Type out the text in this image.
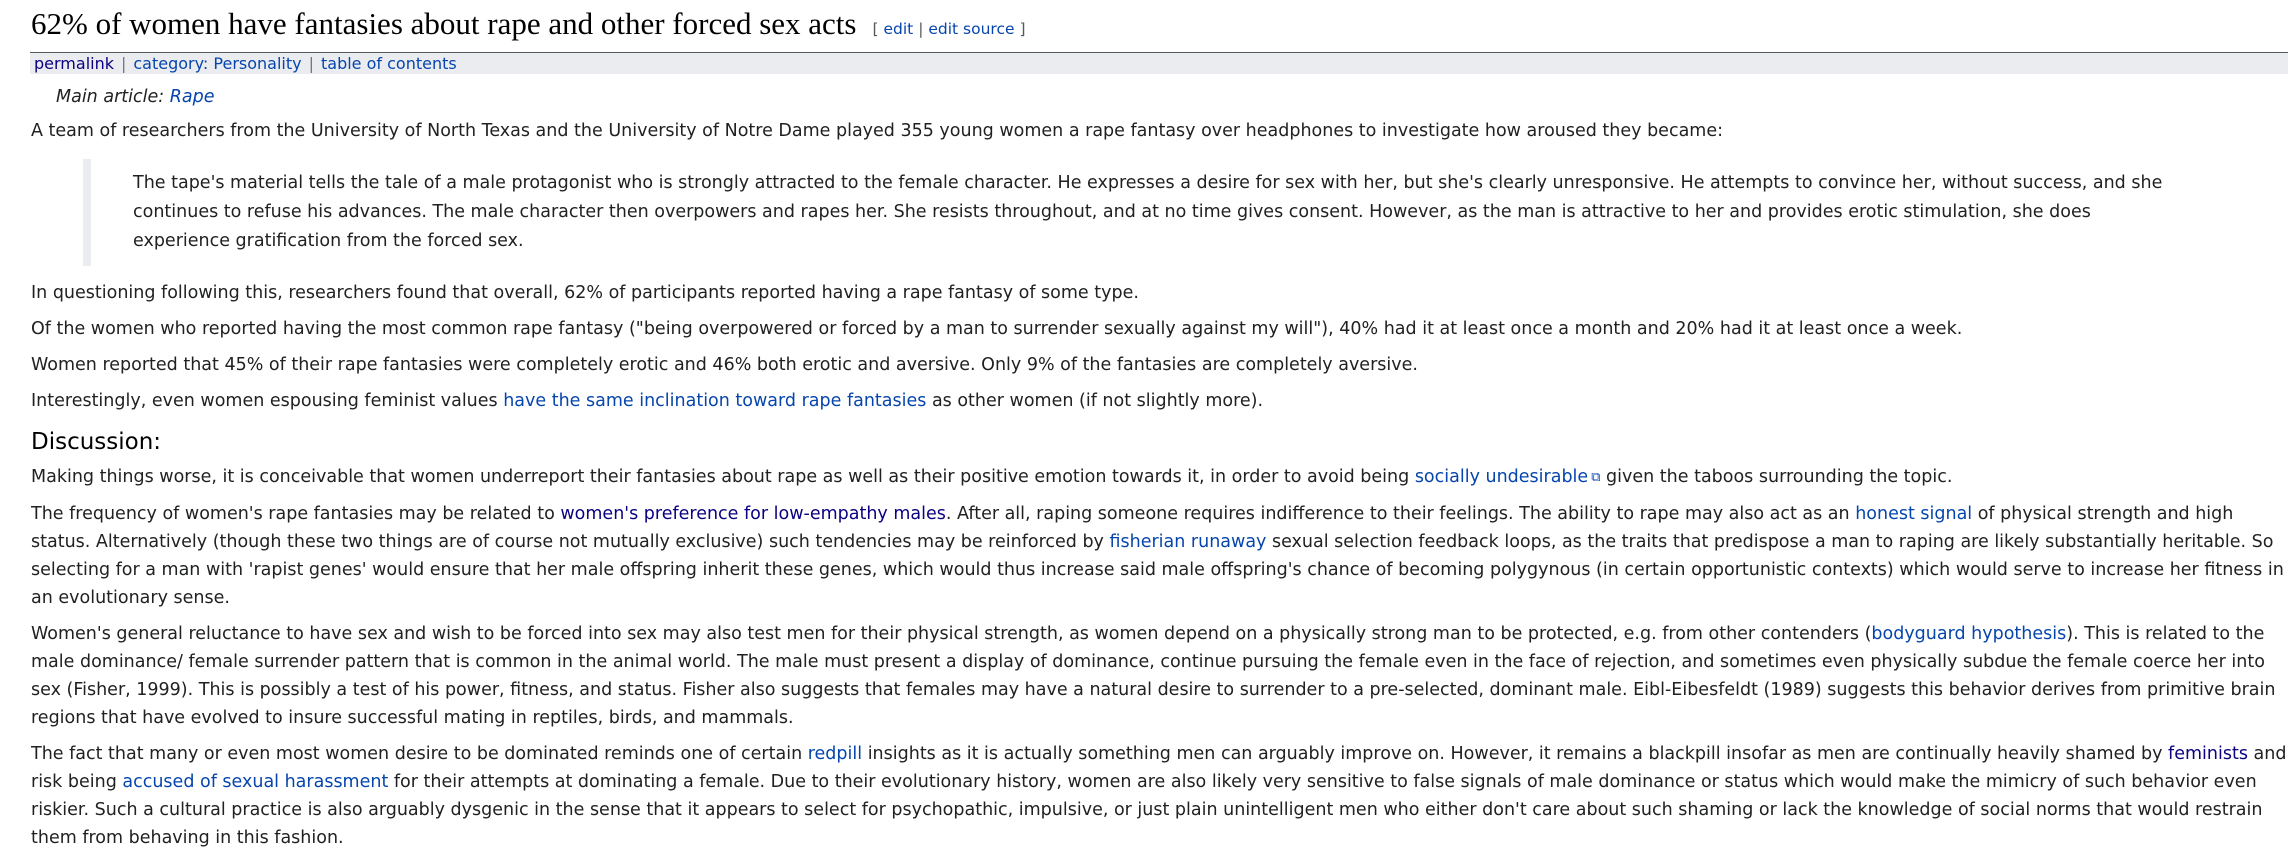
62% of women have fantasies about rape and other forced sex acts [ edit | edit source ]
permalink | category: Personality | table of contents
Main article: Rape

A team of researchers from the University of North Texas and the University of Notre Dame played 355 young women a rape fantasy over headphones to investigate how aroused they became:

The tape's material tells the tale of a male protagonist who is strongly attracted to the female character. He expresses a desire for sex with her, but she's clearly unresponsive. He attempts to convince her, without success, and she continues to refuse his advances. The male character then overpowers and rapes her. She resists throughout, and at no time gives consent. However, as the man is attractive to her and provides erotic stimulation, she does experience gratification from the forced sex.

In questioning following this, researchers found that overall, 62% of participants reported having a rape fantasy of some type.

Of the women who reported having the most common rape fantasy ("being overpowered or forced by a man to surrender sexually against my will"), 40% had it at least once a month and 20% had it at least once a week.

Women reported that 45% of their rape fantasies were completely erotic and 46% both erotic and aversive. Only 9% of the fantasies are completely aversive.

Interestingly, even women espousing feminist values have the same inclination toward rape fantasies as other women (if not slightly more).

Discussion:

Making things worse, it is conceivable that women underreport their fantasies about rape as well as their positive emotion towards it, in order to avoid being socially undesirable ⧉ given the taboos surrounding the topic.

The frequency of women's rape fantasies may be related to women's preference for low-empathy males. After all, raping someone requires indifference to their feelings. The ability to rape may also act as an honest signal of physical strength and high status. Alternatively (though these two things are of course not mutually exclusive) such tendencies may be reinforced by fisherian runaway sexual selection feedback loops, as the traits that predispose a man to raping are likely substantially heritable. So selecting for a man with 'rapist genes' would ensure that her male offspring inherit these genes, which would thus increase said male offspring's chance of becoming polygynous (in certain opportunistic contexts) which would serve to increase her fitness in an evolutionary sense.

Women's general reluctance to have sex and wish to be forced into sex may also test men for their physical strength, as women depend on a physically strong man to be protected, e.g. from other contenders (bodyguard hypothesis). This is related to the male dominance/ female surrender pattern that is common in the animal world. The male must present a display of dominance, continue pursuing the female even in the face of rejection, and sometimes even physically subdue the female coerce her into sex (Fisher, 1999). This is possibly a test of his power, fitness, and status. Fisher also suggests that females may have a natural desire to surrender to a pre-selected, dominant male. Eibl-Eibesfeldt (1989) suggests this behavior derives from primitive brain regions that have evolved to insure successful mating in reptiles, birds, and mammals.

The fact that many or even most women desire to be dominated reminds one of certain redpill insights as it is actually something men can arguably improve on. However, it remains a blackpill insofar as men are continually heavily shamed by feminists and risk being accused of sexual harassment for their attempts at dominating a female. Due to their evolutionary history, women are also likely very sensitive to false signals of male dominance or status which would make the mimicry of such behavior even riskier. Such a cultural practice is also arguably dysgenic in the sense that it appears to select for psychopathic, impulsive, or just plain unintelligent men who either don't care about such shaming or lack the knowledge of social norms that would restrain them from behaving in this fashion.
